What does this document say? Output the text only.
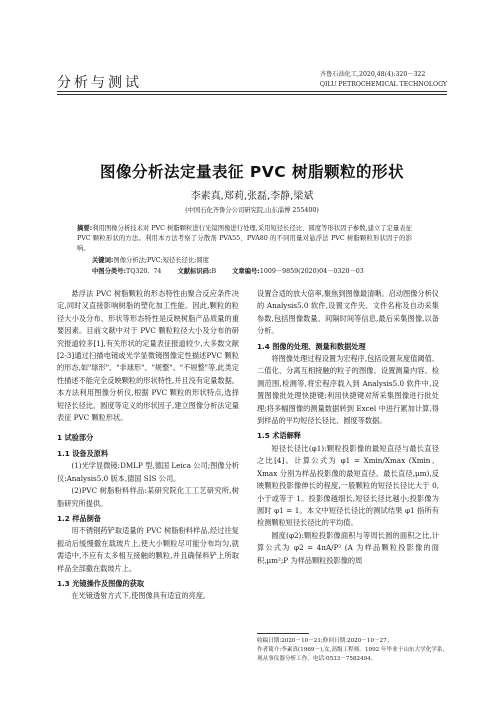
分析与测试
齐鲁石油化工,2020,48(4):320－322
QILU PETROCHEMICAL TECHNOLOGY
图像分析法定量表征 PVC 树脂颗粒的形状
李素真,郑莉,张磊,李静,梁斌
(中国石化齐鲁分公司研究院,山东淄博 255400)
摘要:利用图像分析技术对 PVC 树脂颗粒进行光镜图像进行处理,采用短径长径比、圆度等形状因子参数,建立了定量表征 PVC 颗粒形状的方法。利用本方法考察了分散剂 PVA55、PVA80 的不同用量对悬浮法 PVC 树脂颗粒形状因子的影响。
关键词:图像分析法;PVC;短径长径比;圆度
中图分类号:TQ320. 74	文献标识码:B	文章编号:1009－9859(2020)04－0320－03

悬浮法 PVC 树脂颗粒的形态特性由聚合反应条件决定,同时又直接影响树脂的塑化加工性能。因此,颗粒的粒径大小及分布、形状等形态特性是反映树脂产品质量的重要因素。目前文献中对于 PVC 颗粒粒径大小及分布的研究报道较多[1],有关形状的定量表征报道较少,大多数文献[2-3]通过扫描电镜或光学显微镜图像定性描述PVC 颗粒的形态,如"球形"、"非球形"、"规整"、"不规整"等,此类定性描述不能完全反映颗粒的形状特性,并且没有定量数据。本方法利用图像分析仪,根据 PVC 颗粒的形状特点,选择短径长径比、圆度等定义的形状因子,建立图像分析法定量表征 PVC 颗粒形状。

1 试验部分

1.1 设备及原料

(1)光学显微镜:DMLP 型,德国 Leica 公司;图像分析仪:Analysis5.0 版本,德国 SIS 公司。

(2)PVC 树脂粉料样品:某研究院化工工艺研究所,树脂研究所提供。

1.2 样品制备

用不锈钢药铲取适量的 PVC 树脂粉料样品,经过往复振动后缓慢撒在载玻片上,使大小颗粒尽可能分布均匀,就需适中,不应有太多相互接触的颗粒,并且确保料铲上所取样品全部撒在载玻片上。

1.3 光镜操作及图像的获取

在光镜透射方式下,使图像具有适宜的亮度,

设置合适的放大倍率,聚焦到图像最清晰。启动图像分析仪的 Analysis5.0 软件,设置文件夹、文件名称及自动采集参数,包括图像数量、间隔时间等信息,最后采集图像,以备分析。

1.4 图像的处理、测量和数据处理

将图像处理过程设置为宏程序,包括设置灰度值阈值、二值化、分离互相接触的粒子的图像、设置测量内容、检测范围,检测等,将宏程序载入到 Analysis5.0 软件中,设置图像批处理快捷键;利用快捷键对所采集图像进行批处理;将多幅图像的测量数据转到 Excel 中进行累加计算,得到样品的平均短径长径比、圆度等数据。

1.5 术语解释

短径长径比(φ1):颗粒投影像的最短直径与最长直径之比[4]。计算公式为 φ1 = Xmin/Xmax (Xmin、Xmax 分别为样品投影像的最短直径、最长直径,μm),反映颗粒投影像伸长的程度,一般颗粒的短径长径比大于 0,小于或等于 1。投影像越细长,短径长径比越小;投影像为圆时 φ1 = 1。本文中短径长径比的测试结果 φ1 指所有检测颗粒短径长径比的平均值。

圆度(φ2):颗粒投影像面积与等周长圆的面积之比,计算公式为 φ2 = 4πA/P² (A 为样品颗粒投影像的面积,μm²;P 为样品颗粒投影像的周

收稿日期:2020－10－21;修回日期:2020－10－27。
作者简介:李素真(1969－),女,高级工程师。1992 年毕业于山东大学化学系,现从事仪器分析工作。电话:0533－7582494。
